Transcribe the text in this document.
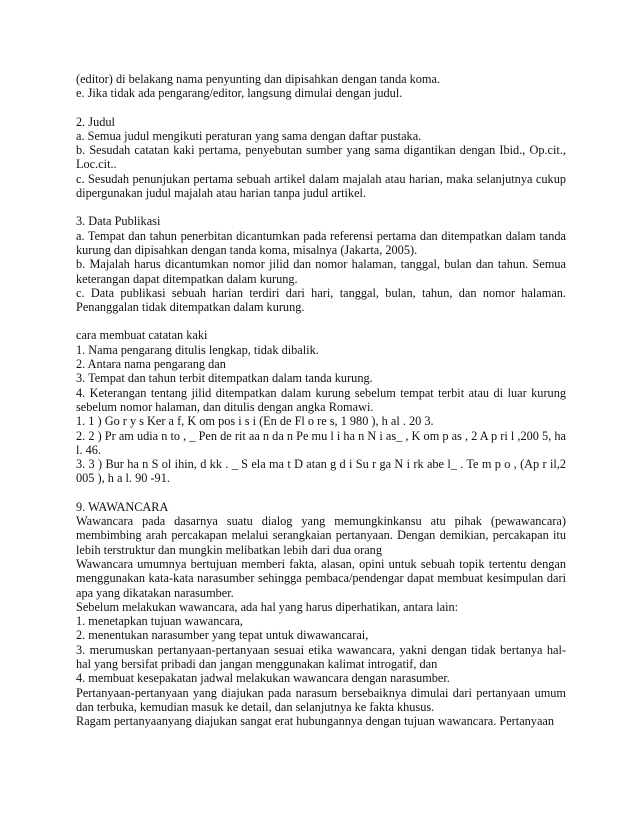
(editor) di belakang nama penyunting dan dipisahkan dengan tanda koma.
e. Jika tidak ada pengarang/editor, langsung dimulai dengan judul.
2. Judul
a. Semua judul mengikuti peraturan yang sama dengan daftar pustaka.
b. Sesudah catatan kaki pertama, penyebutan sumber yang sama digantikan dengan Ibid., Op.cit., Loc.cit..
c. Sesudah penunjukan pertama sebuah artikel dalam majalah atau harian, maka selanjutnya cukup dipergunakan judul majalah atau harian tanpa judul artikel.
3. Data Publikasi
a. Tempat dan tahun penerbitan dicantumkan pada referensi pertama dan ditempatkan dalam tanda kurung dan dipisahkan dengan tanda koma, misalnya (Jakarta, 2005).
b. Majalah harus dicantumkan nomor jilid dan nomor halaman, tanggal, bulan dan tahun. Semua keterangan dapat ditempatkan dalam kurung.
c. Data publikasi sebuah harian terdiri dari hari, tanggal, bulan, tahun, dan nomor halaman. Penanggalan tidak ditempatkan dalam kurung.
cara membuat catatan kaki
1. Nama pengarang ditulis lengkap, tidak dibalik.
2. Antara nama pengarang dan
3. Tempat dan tahun terbit ditempatkan dalam tanda kurung.
4. Keterangan tentang jilid ditempatkan dalam kurung sebelum tempat terbit atau di luar kurung sebelum nomor halaman, dan ditulis dengan angka Romawi.
1. 1 ) Go r y s Ker a f, K om pos i s i (En de Fl o re s, 1 980 ), h al . 20 3.
2. 2 ) Pr am udia n to , _ Pen de rit aa n da n Pe mu l i ha n N i as_ , K om p as , 2 A p ri l ,200 5, ha l. 46.
3. 3 ) Bur ha n S ol ihin, d kk . _ S ela ma t D atan g d i Su r ga N i rk abe l_ . Te m p o , (Ap r il,2 005 ), h a l. 90 -91.
9. WAWANCARA
Wawancara pada dasarnya suatu dialog yang memungkinkansu atu pihak (pewawancara) membimbing arah percakapan melalui serangkaian pertanyaan. Dengan demikian, percakapan itu lebih terstruktur dan mungkin melibatkan lebih dari dua orang
Wawancara umumnya bertujuan memberi fakta, alasan, opini untuk sebuah topik tertentu dengan menggunakan kata-kata narasumber sehingga pembaca/pendengar dapat membuat kesimpulan dari apa yang dikatakan narasumber.
Sebelum melakukan wawancara, ada hal yang harus diperhatikan, antara lain:
1. menetapkan tujuan wawancara,
2. menentukan narasumber yang tepat untuk diwawancarai,
3. merumuskan pertanyaan-pertanyaan sesuai etika wawancara, yakni dengan tidak bertanya hal-hal yang bersifat pribadi dan jangan menggunakan kalimat introgatif, dan
4. membuat kesepakatan jadwal melakukan wawancara dengan narasumber.
Pertanyaan-pertanyaan yang diajukan pada narasum bersebaiknya dimulai dari pertanyaan umum dan terbuka, kemudian masuk ke detail, dan selanjutnya ke fakta khusus.
Ragam pertanyaanyang diajukan sangat erat hubungannya dengan tujuan wawancara. Pertanyaan
